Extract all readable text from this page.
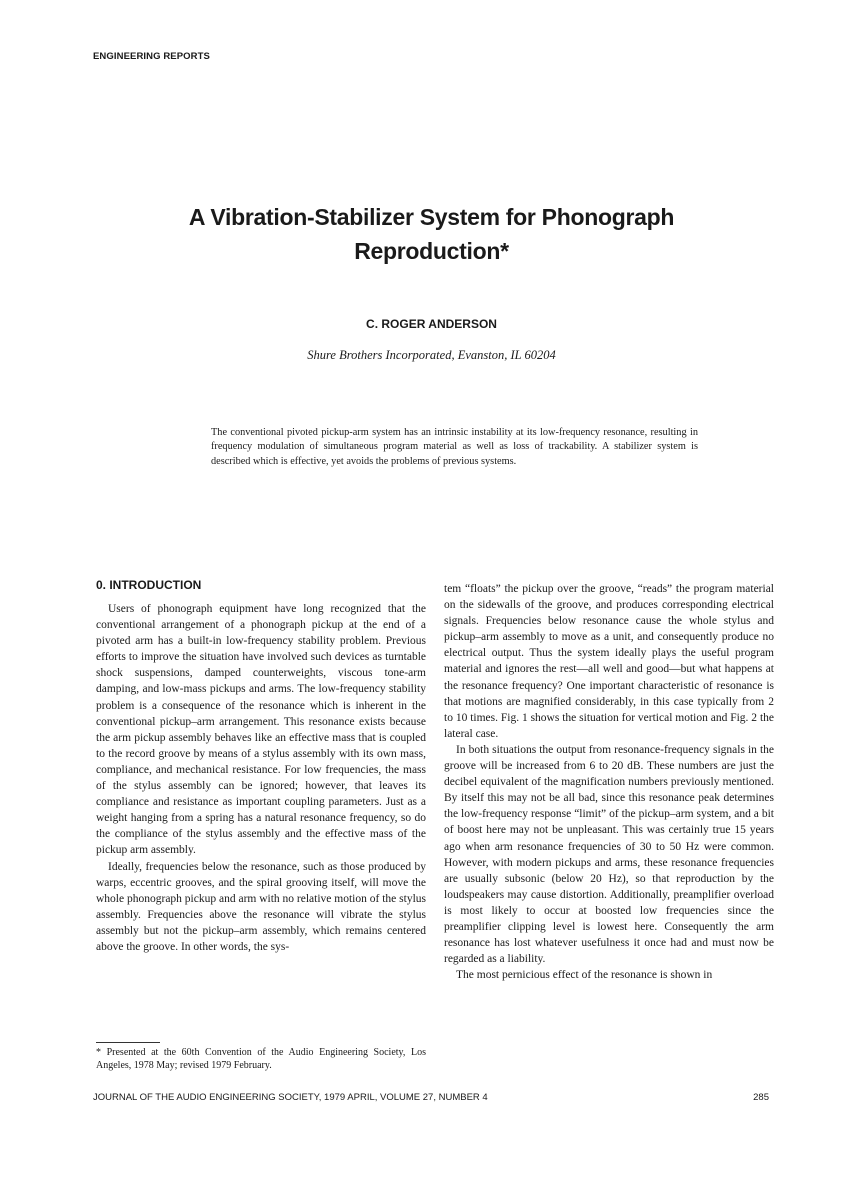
ENGINEERING REPORTS
A Vibration-Stabilizer System for Phonograph Reproduction*
C. ROGER ANDERSON
Shure Brothers Incorporated, Evanston, IL 60204

The conventional pivoted pickup-arm system has an intrinsic instability at its low-frequency resonance, resulting in frequency modulation of simultaneous program material as well as loss of trackability. A stabilizer system is described which is effective, yet avoids the problems of previous systems.

0. INTRODUCTION

Users of phonograph equipment have long recognized that the conventional arrangement of a phonograph pickup at the end of a pivoted arm has a built-in low-frequency stability problem. Previous efforts to improve the situation have involved such devices as turntable shock suspensions, damped counterweights, viscous tone-arm damping, and low-mass pickups and arms. The low-frequency stability problem is a consequence of the resonance which is inherent in the conventional pickup–arm arrangement. This resonance exists because the arm pickup assembly behaves like an effective mass that is coupled to the record groove by means of a stylus assembly with its own mass, compliance, and mechanical resistance. For low frequencies, the mass of the stylus assembly can be ignored; however, that leaves its compliance and resistance as important coupling parameters. Just as a weight hanging from a spring has a natural resonance frequency, so do the compliance of the stylus assembly and the effective mass of the pickup arm assembly.

Ideally, frequencies below the resonance, such as those produced by warps, eccentric grooves, and the spiral grooving itself, will move the whole phonograph pickup and arm with no relative motion of the stylus assembly. Frequencies above the resonance will vibrate the stylus assembly but not the pickup–arm assembly, which remains centered above the groove. In other words, the sys-

tem “floats” the pickup over the groove, “reads” the program material on the sidewalls of the groove, and produces corresponding electrical signals. Frequencies below resonance cause the whole stylus and pickup–arm assembly to move as a unit, and consequently produce no electrical output. Thus the system ideally plays the useful program material and ignores the rest—all well and good—but what happens at the resonance frequency? One important characteristic of resonance is that motions are magnified considerably, in this case typically from 2 to 10 times. Fig. 1 shows the situation for vertical motion and Fig. 2 the lateral case.

In both situations the output from resonance-frequency signals in the groove will be increased from 6 to 20 dB. These numbers are just the decibel equivalent of the magnification numbers previously mentioned. By itself this may not be all bad, since this resonance peak determines the low-frequency response “limit” of the pickup–arm system, and a bit of boost here may not be unpleasant. This was certainly true 15 years ago when arm resonance frequencies of 30 to 50 Hz were common. However, with modern pickups and arms, these resonance frequencies are usually subsonic (below 20 Hz), so that reproduction by the loudspeakers may cause distortion. Additionally, preamplifier overload is most likely to occur at boosted low frequencies since the preamplifier clipping level is lowest here. Consequently the arm resonance has lost whatever usefulness it once had and must now be regarded as a liability.

The most pernicious effect of the resonance is shown in

* Presented at the 60th Convention of the Audio Engineering Society, Los Angeles, 1978 May; revised 1979 February.

JOURNAL OF THE AUDIO ENGINEERING SOCIETY, 1979 APRIL, VOLUME 27, NUMBER 4	285
